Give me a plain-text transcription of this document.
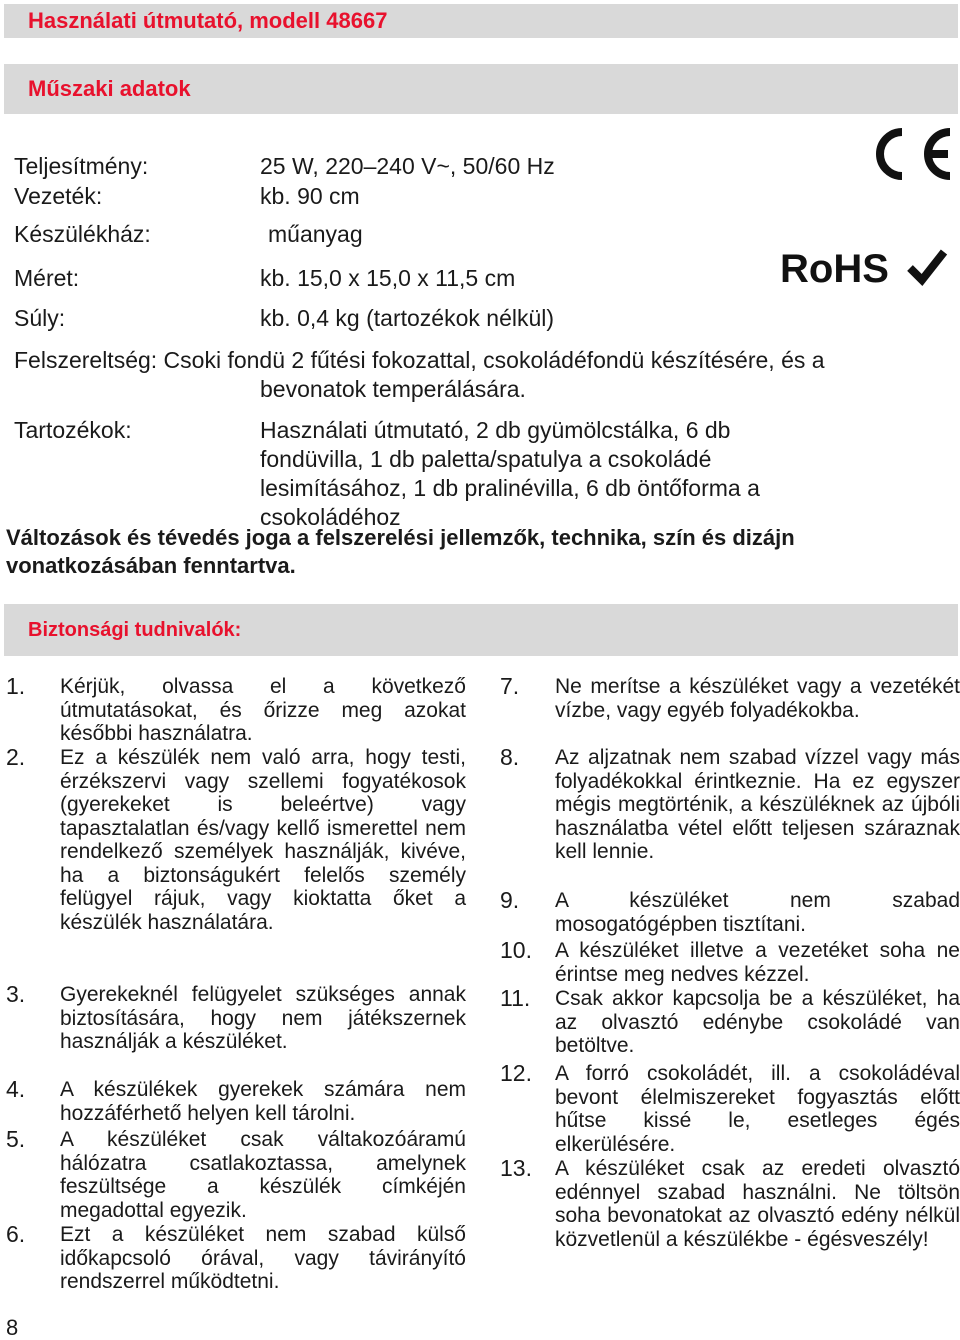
Használati útmutató, modell 48667
Műszaki adatok
Teljesítmény:	25 W, 220–240 V~, 50/60 Hz
Vezeték:	kb. 90 cm
Készülékház:	műanyag
Méret:	kb. 15,0 x 15,0 x 11,5 cm
Súly:	kb. 0,4 kg (tartozékok nélkül)
RoHS
Felszereltség: Csoki fondü 2 fűtési fokozattal, csokoládéfondü készítésére, és a
bevonatok temperálására.
Tartozékok:	Használati útmutató, 2 db gyümölcstálka, 6 db fondüvilla, 1 db paletta/spatulya a csokoládé lesimításához, 1 db pralinévilla, 6 db öntőforma a csokoládéhoz
Változások és tévedés joga a felszerelési jellemzők, technika, szín és dizájn vonatkozásában fenntartva.
Biztonsági tudnivalók:
1. Kérjük, olvassa el a következő útmutatásokat, és őrizze meg azokat későbbi használatra.
2. Ez a készülék nem való arra, hogy testi, érzékszervi vagy szellemi fogyatékosok (gyerekeket is beleértve) vagy tapasztalatlan és/vagy kellő ismerettel nem rendelkező személyek használják, kivéve, ha a biztonságukért felelős személy felügyel rájuk, vagy kioktatta őket a készülék használatára.
3. Gyerekeknél felügyelet szükséges annak biztosítására, hogy nem játékszernek használják a készüléket.
4. A készülékek gyerekek számára nem hozzáférhető helyen kell tárolni.
5. A készüléket csak váltakozóáramú hálózatra csatlakoztassa, amelynek feszültsége a készülék címkéjén megadottal egyezik.
6. Ezt a készüléket nem szabad külső időkapcsoló órával, vagy távirányító rendszerrel működtetni.
7. Ne merítse a készüléket vagy a vezetékét vízbe, vagy egyéb folyadékokba.
8. Az aljzatnak nem szabad vízzel vagy más folyadékokkal érintkeznie. Ha ez egyszer mégis megtörténik, a készüléknek az újbóli használatba vétel előtt teljesen száraznak kell lennie.
9. A készüléket nem szabad mosogatógépben tisztítani.
10. A készüléket illetve a vezetéket soha ne érintse meg nedves kézzel.
11. Csak akkor kapcsolja be a készüléket, ha az olvasztó edénybe csokoládé van betöltve.
12. A forró csokoládét, ill. a csokoládéval bevont élelmiszereket fogyasztás előtt hűtse kissé le, esetleges égés elkerülésére.
13. A készüléket csak az eredeti olvasztó edénnyel szabad használni. Ne töltsön soha bevonatokat az olvasztó edény nélkül közvetlenül a készülékbe - égésveszély!
8
